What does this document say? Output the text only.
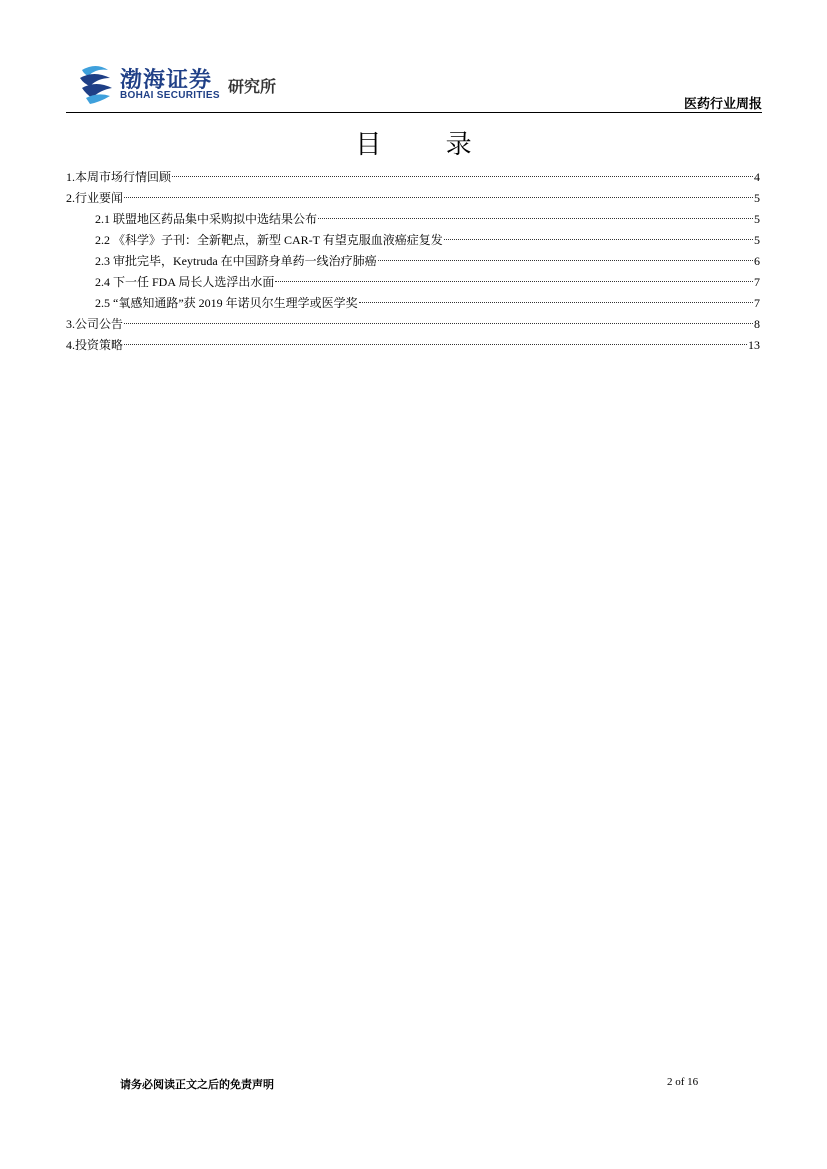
渤海证券
BOHAI SECURITIES 研究所
医药行业周报
目 录
1.本周市场行情回顾	4
2.行业要闻	5
2.1 联盟地区药品集中采购拟中选结果公布	5
2.2 《科学》子刊：全新靶点，新型 CAR-T 有望克服血液癌症复发	5
2.3 审批完毕，Keytruda 在中国跻身单药一线治疗肺癌	6
2.4 下一任 FDA 局长人选浮出水面	7
2.5 “氧感知通路”获 2019 年诺贝尔生理学或医学奖	7
3.公司公告	8
4.投资策略	13
请务必阅读正文之后的免责声明	2 of 16
